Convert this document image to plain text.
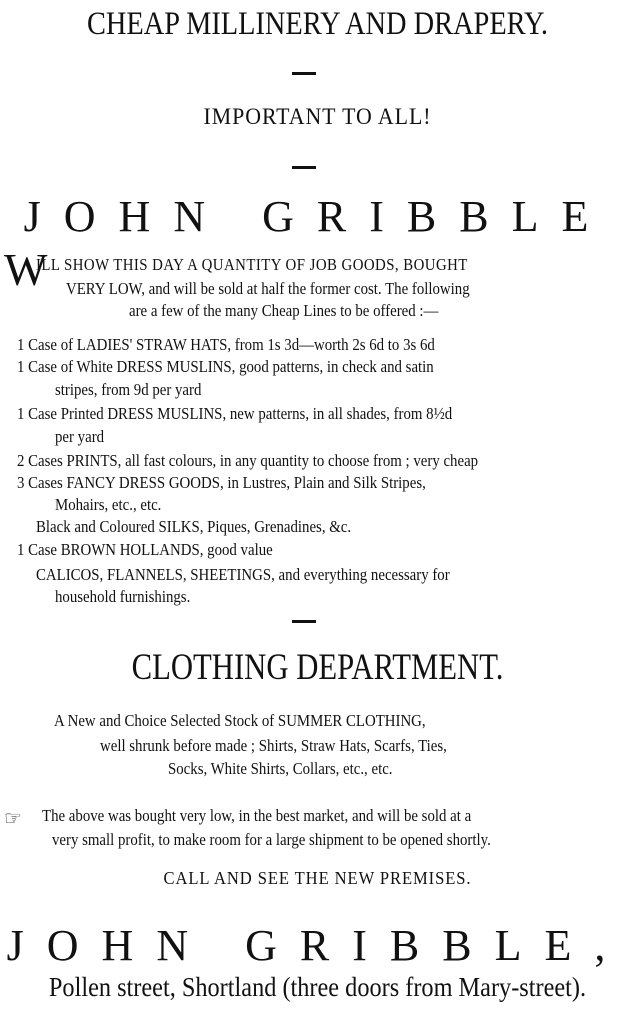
CHEAP MILLINERY AND DRAPERY.
IMPORTANT TO ALL!
JOHN GRIBBLE
W
ILL SHOW THIS DAY A QUANTITY OF JOB GOODS, BOUGHT
VERY LOW, and will be sold at half the former cost. The following
are a few of the many Cheap Lines to be offered :—
1 Case of LADIES' STRAW HATS, from 1s 3d—worth 2s 6d to 3s 6d
1 Case of White DRESS MUSLINS, good patterns, in check and satin
stripes, from 9d per yard
1 Case Printed DRESS MUSLINS, new patterns, in all shades, from 8½d
per yard
2 Cases PRINTS, all fast colours, in any quantity to choose from ; very cheap
3 Cases FANCY DRESS GOODS, in Lustres, Plain and Silk Stripes,
Mohairs, etc., etc.
Black and Coloured SILKS, Piques, Grenadines, &c.
1 Case BROWN HOLLANDS, good value
CALICOS, FLANNELS, SHEETINGS, and everything necessary for
household furnishings.
CLOTHING DEPARTMENT.
A New and Choice Selected Stock of SUMMER CLOTHING,
well shrunk before made ; Shirts, Straw Hats, Scarfs, Ties,
Socks, White Shirts, Collars, etc., etc.
☞ The above was bought very low, in the best market, and will be sold at a
very small profit, to make room for a large shipment to be opened shortly.
CALL AND SEE THE NEW PREMISES.
JOHN GRIBBLE,
Pollen street, Shortland (three doors from Mary-street).
